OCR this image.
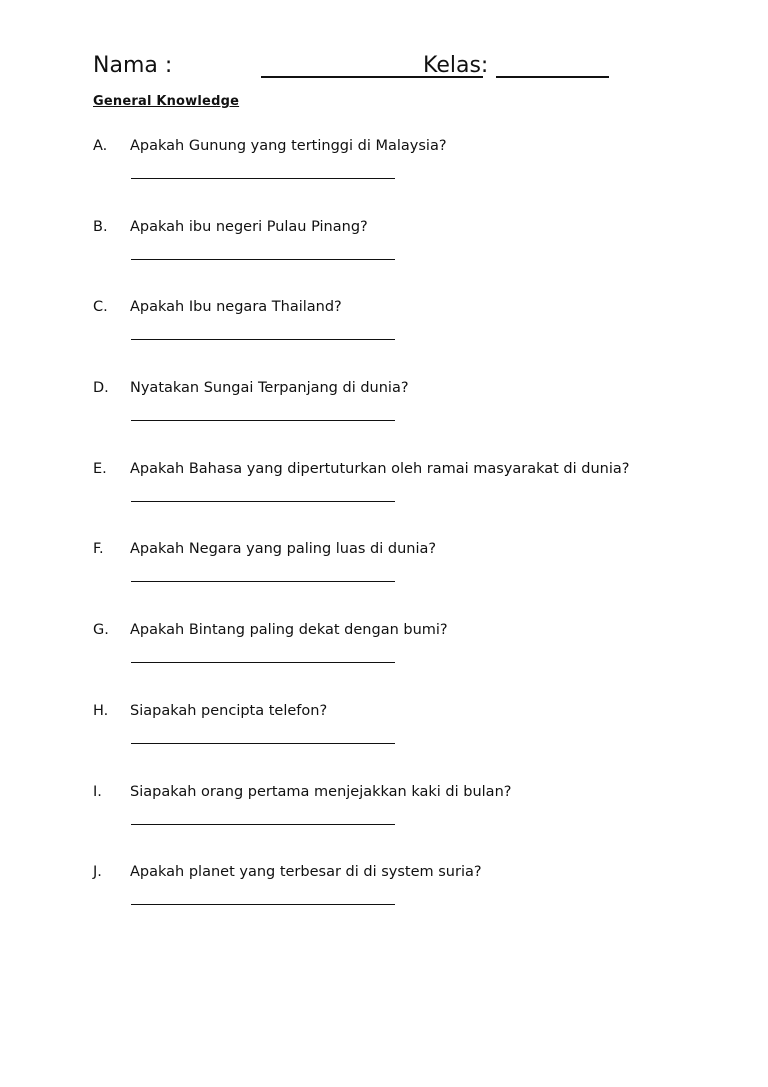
Nama :	Kelas:
General Knowledge
A. Apakah Gunung yang tertinggi di Malaysia?
B. Apakah ibu negeri Pulau Pinang?
C. Apakah Ibu negara Thailand?
D. Nyatakan Sungai Terpanjang di dunia?
E. Apakah Bahasa yang dipertuturkan oleh ramai masyarakat di dunia?
F. Apakah Negara yang paling luas di dunia?
G. Apakah Bintang paling dekat dengan bumi?
H. Siapakah pencipta telefon?
I. Siapakah orang pertama menjejakkan kaki di bulan?
J. Apakah planet yang terbesar di di system suria?
